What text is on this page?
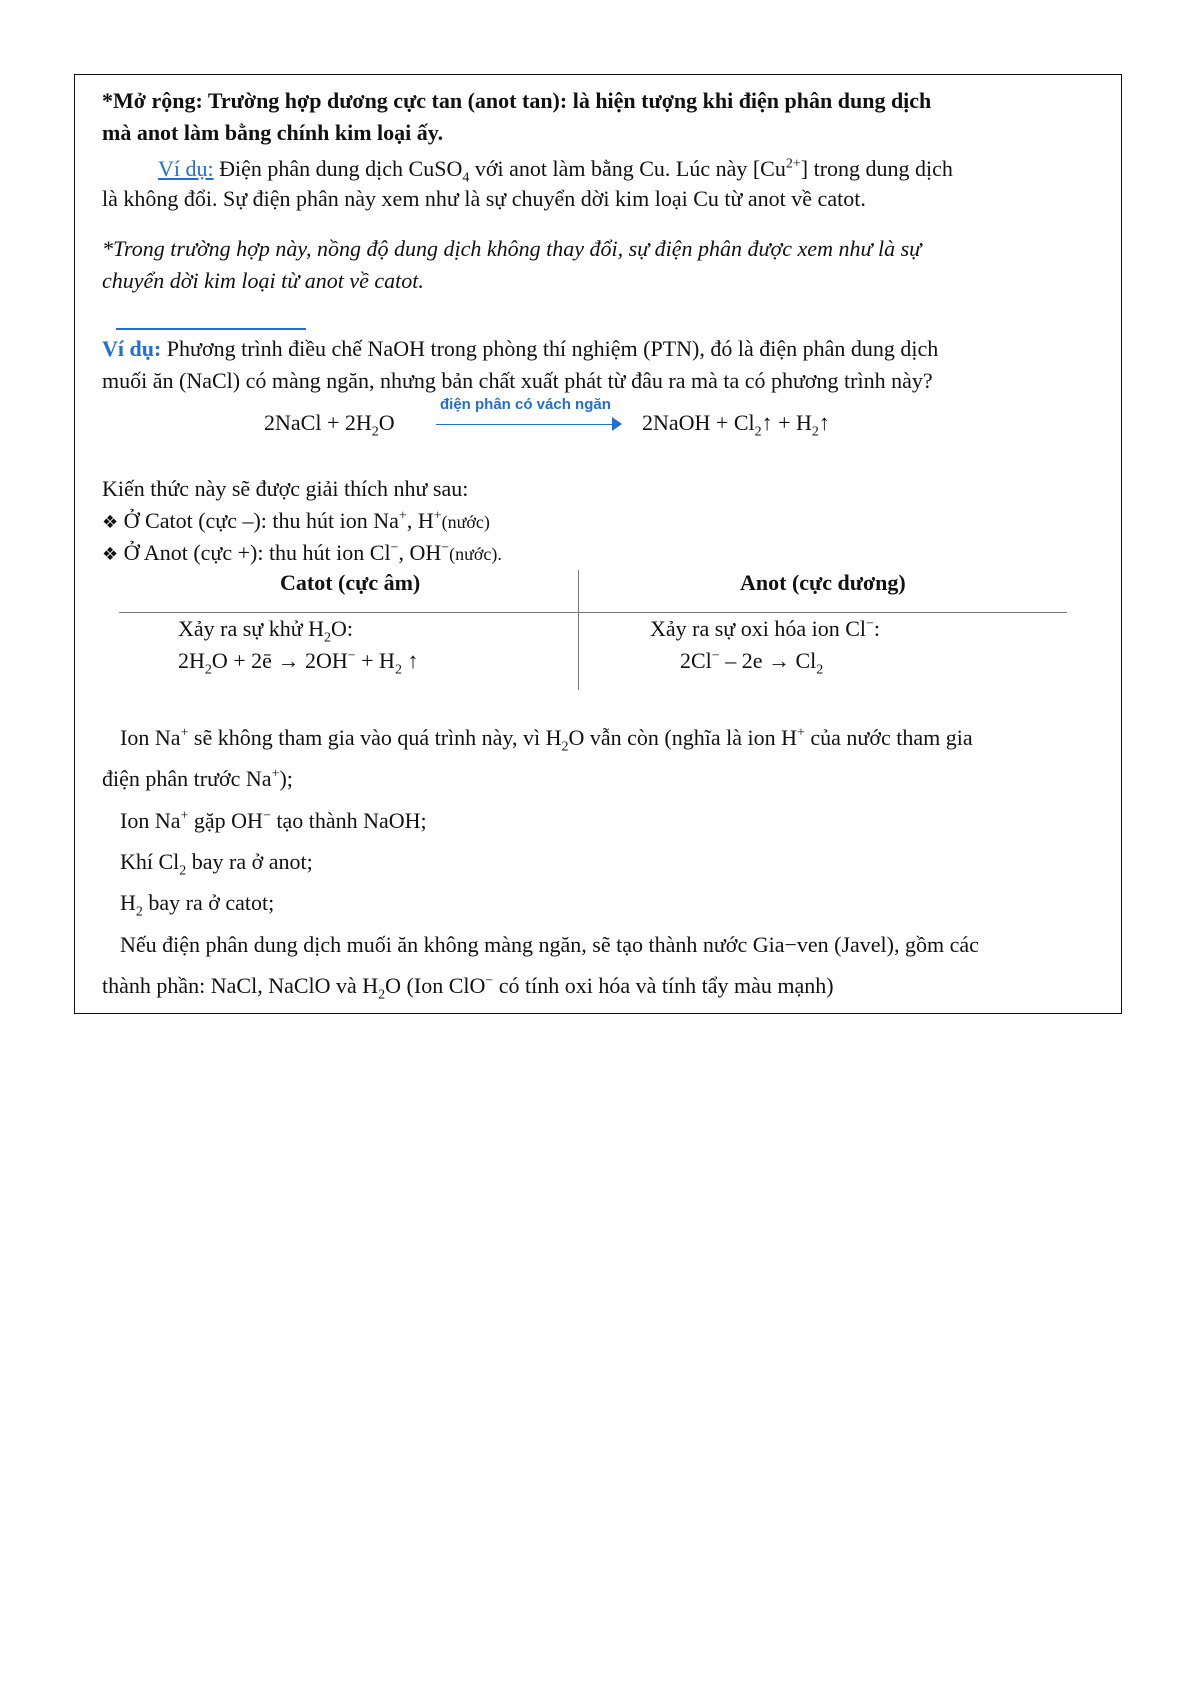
*Mở rộng: Trường hợp dương cực tan (anot tan): là hiện tượng khi điện phân dung dịch
mà anot làm bằng chính kim loại ấy.
Ví dụ: Điện phân dung dịch CuSO$_4$ với anot làm bằng Cu. Lúc này $[Cu^{2+}]$ trong dung dịch
là không đổi. Sự điện phân này xem như là sự chuyển dời kim loại Cu từ anot về catot.
*Trong trường hợp này, nồng độ dung dịch không thay đổi, sự điện phân được xem như là sự
chuyển dời kim loại từ anot về catot.
Ví dụ: Phương trình điều chế NaOH trong phòng thí nghiệm (PTN), đó là điện phân dung dịch
muối ăn (NaCl) có màng ngăn, nhưng bản chất xuất phát từ đâu ra mà ta có phương trình này?
2NaCl + $2H_2O$
điện phân có vách ngăn
2NaOH + $Cl_2↑$ + $H_2↑$
Kiến thức này sẽ được giải thích như sau:
❖ Ở Catot (cực –): thu hút ion Na+, H+(nước)
❖ Ở Anot (cực +): thu hút ion Cl−, OH−(nước).
Catot (cực âm)	Anot (cực dương)
Xảy ra sự khử $H_2O$:
$2H_2O$ + 2ē → $2OH^- + H_2$ ↑
Xảy ra sự oxi hóa ion Cl−:
$2Cl^- - 2e \to Cl_2$
Ion Na+ sẽ không tham gia vào quá trình này, vì $H_2O$ vẫn còn (nghĩa là ion H+ của nước tham gia
điện phân trước Na+);
Ion Na+ gặp OH− tạo thành NaOH;
Khí $Cl_2$ bay ra ở anot;
$H_2$ bay ra ở catot;
Nếu điện phân dung dịch muối ăn không màng ngăn, sẽ tạo thành nước Gia−ven (Javel), gồm các
thành phần: NaCl, NaClO và $H_2O$ (Ion ClO− có tính oxi hóa và tính tẩy màu mạnh)
